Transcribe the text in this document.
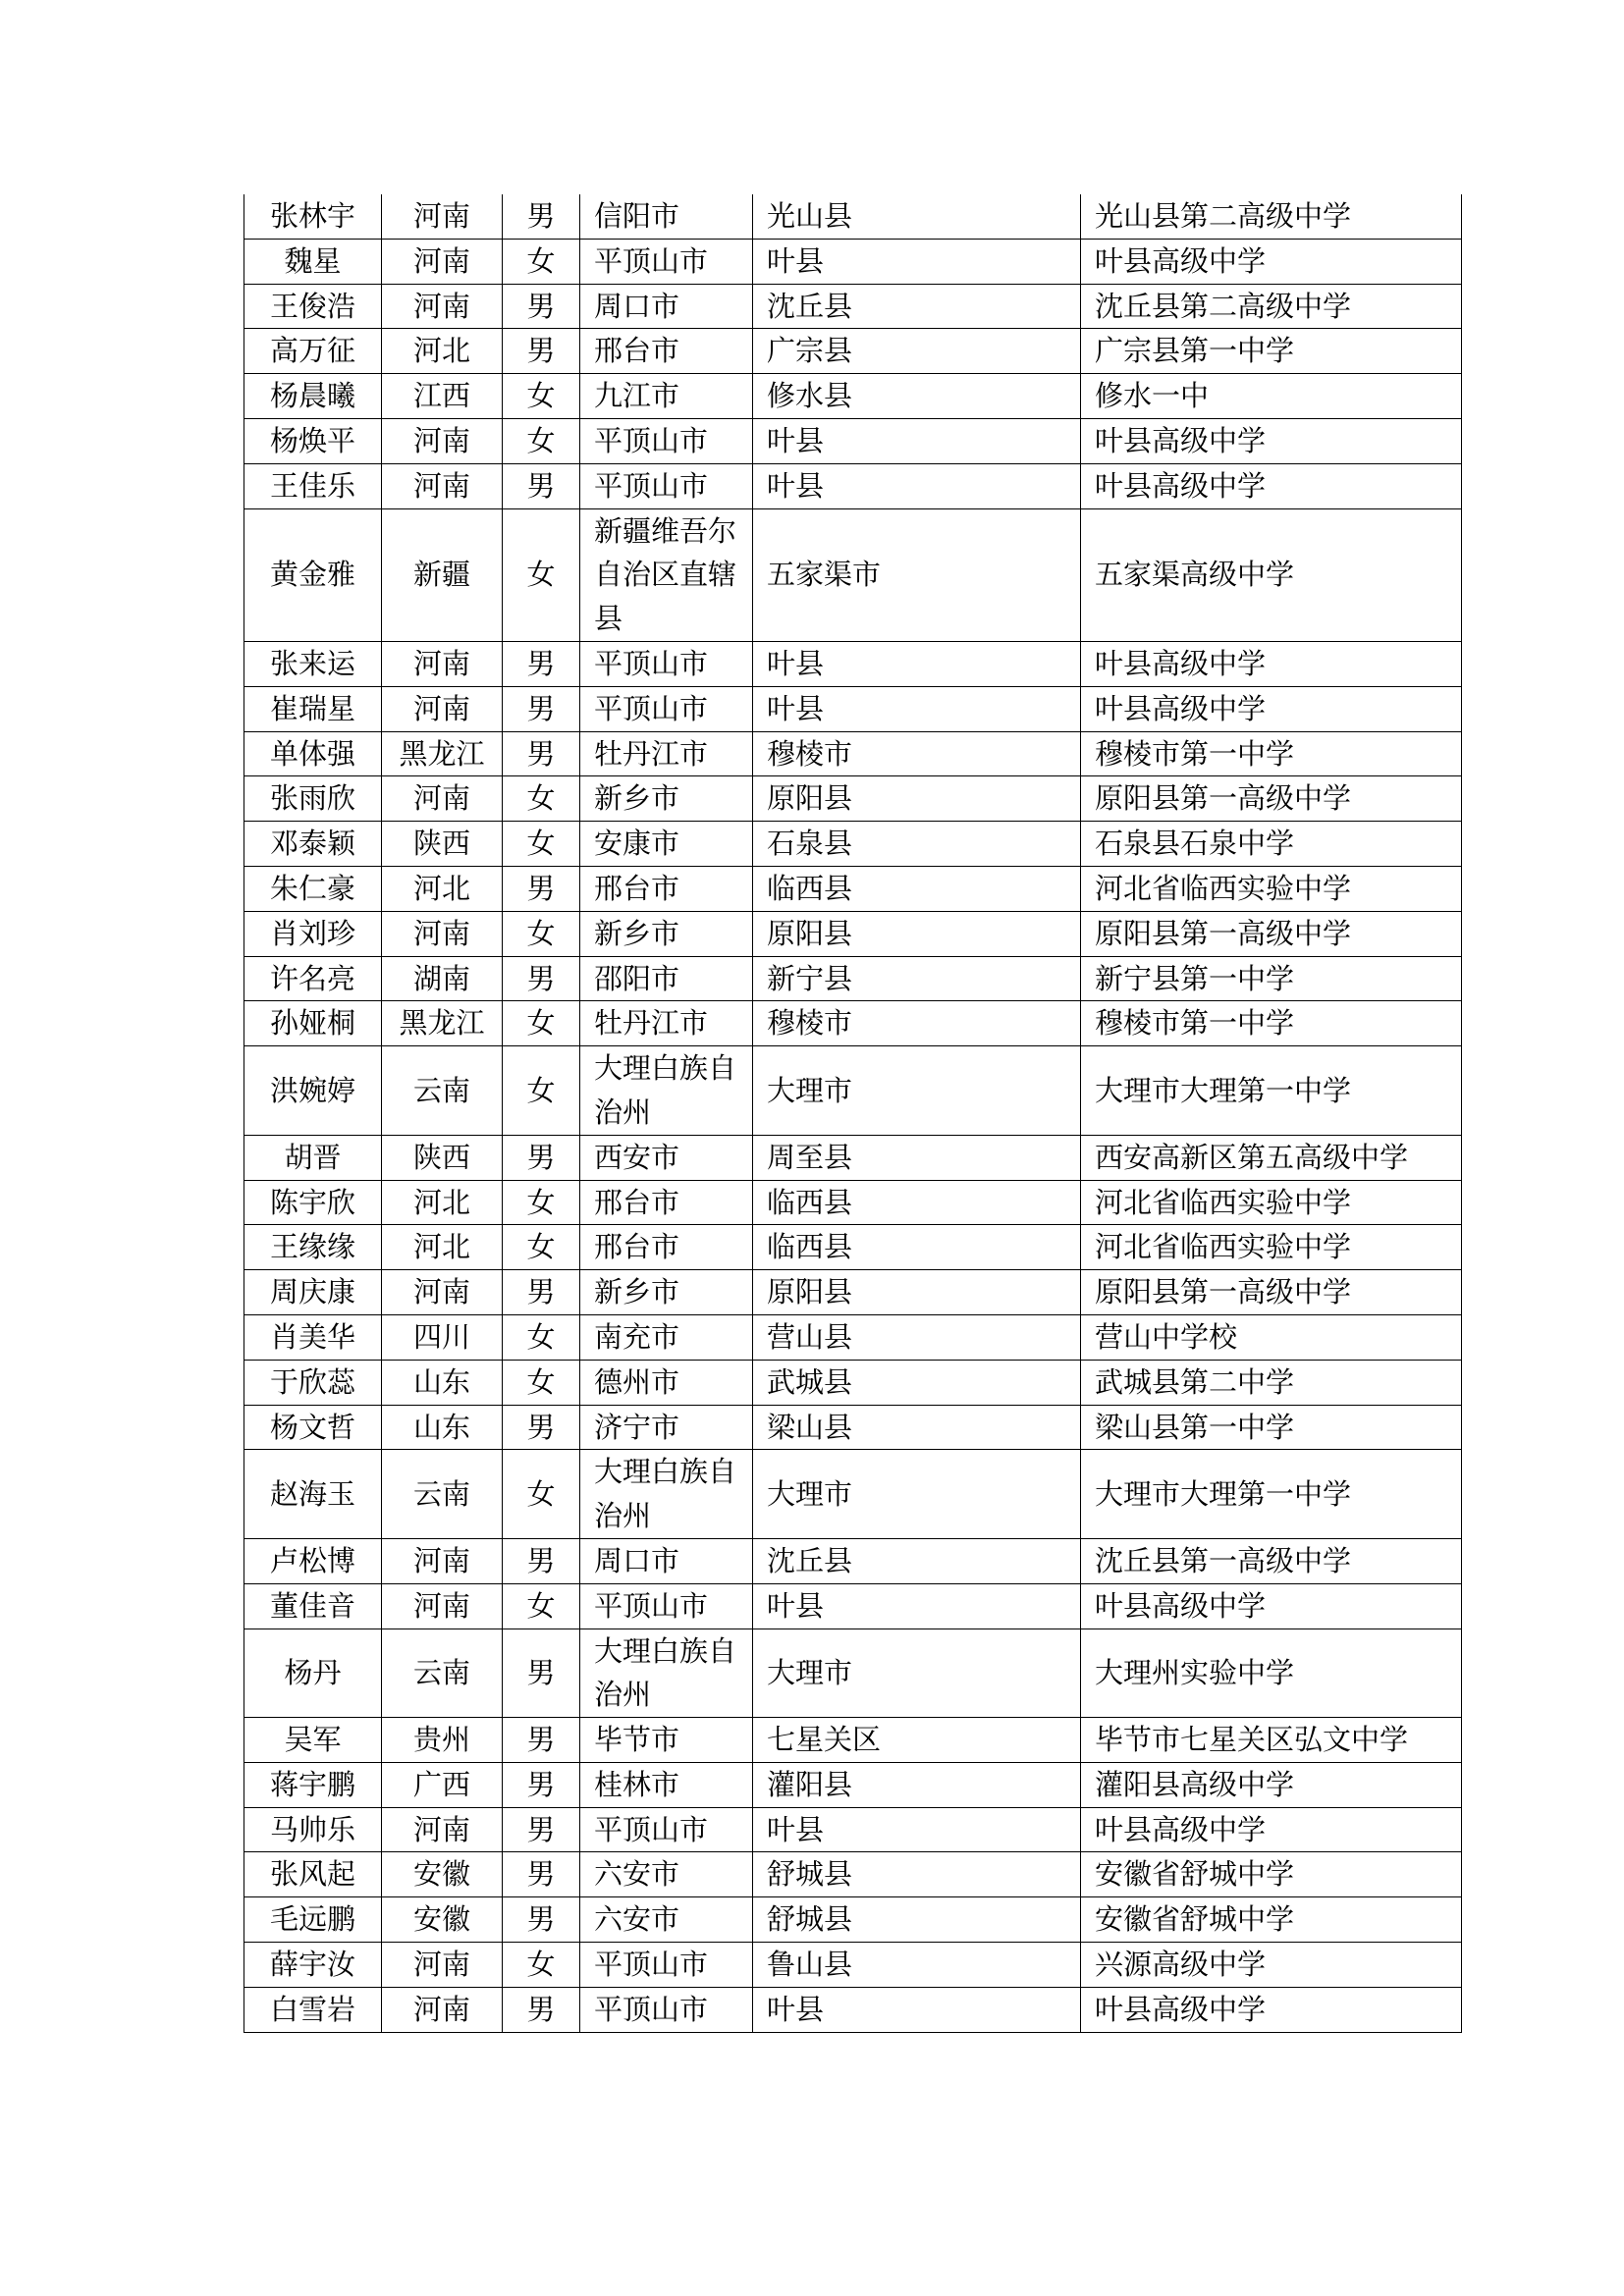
张林宇	河南	男	信阳市	光山县	光山县第二高级中学
魏星	河南	女	平顶山市	叶县	叶县高级中学
王俊浩	河南	男	周口市	沈丘县	沈丘县第二高级中学
高万征	河北	男	邢台市	广宗县	广宗县第一中学
杨晨曦	江西	女	九江市	修水县	修水一中
杨焕平	河南	女	平顶山市	叶县	叶县高级中学
王佳乐	河南	男	平顶山市	叶县	叶县高级中学
黄金雅	新疆	女	新疆维吾尔自治区直辖县	五家渠市	五家渠高级中学
张来运	河南	男	平顶山市	叶县	叶县高级中学
崔瑞星	河南	男	平顶山市	叶县	叶县高级中学
单体强	黑龙江	男	牡丹江市	穆棱市	穆棱市第一中学
张雨欣	河南	女	新乡市	原阳县	原阳县第一高级中学
邓泰颖	陕西	女	安康市	石泉县	石泉县石泉中学
朱仁豪	河北	男	邢台市	临西县	河北省临西实验中学
肖刘珍	河南	女	新乡市	原阳县	原阳县第一高级中学
许名亮	湖南	男	邵阳市	新宁县	新宁县第一中学
孙娅桐	黑龙江	女	牡丹江市	穆棱市	穆棱市第一中学
洪婉婷	云南	女	大理白族自治州	大理市	大理市大理第一中学
胡晋	陕西	男	西安市	周至县	西安高新区第五高级中学
陈宇欣	河北	女	邢台市	临西县	河北省临西实验中学
王缘缘	河北	女	邢台市	临西县	河北省临西实验中学
周庆康	河南	男	新乡市	原阳县	原阳县第一高级中学
肖美华	四川	女	南充市	营山县	营山中学校
于欣蕊	山东	女	德州市	武城县	武城县第二中学
杨文哲	山东	男	济宁市	梁山县	梁山县第一中学
赵海玉	云南	女	大理白族自治州	大理市	大理市大理第一中学
卢松博	河南	男	周口市	沈丘县	沈丘县第一高级中学
董佳音	河南	女	平顶山市	叶县	叶县高级中学
杨丹	云南	男	大理白族自治州	大理市	大理州实验中学
吴军	贵州	男	毕节市	七星关区	毕节市七星关区弘文中学
蒋宇鹏	广西	男	桂林市	灌阳县	灌阳县高级中学
马帅乐	河南	男	平顶山市	叶县	叶县高级中学
张风起	安徽	男	六安市	舒城县	安徽省舒城中学
毛远鹏	安徽	男	六安市	舒城县	安徽省舒城中学
薛宇汝	河南	女	平顶山市	鲁山县	兴源高级中学
白雪岩	河南	男	平顶山市	叶县	叶县高级中学
